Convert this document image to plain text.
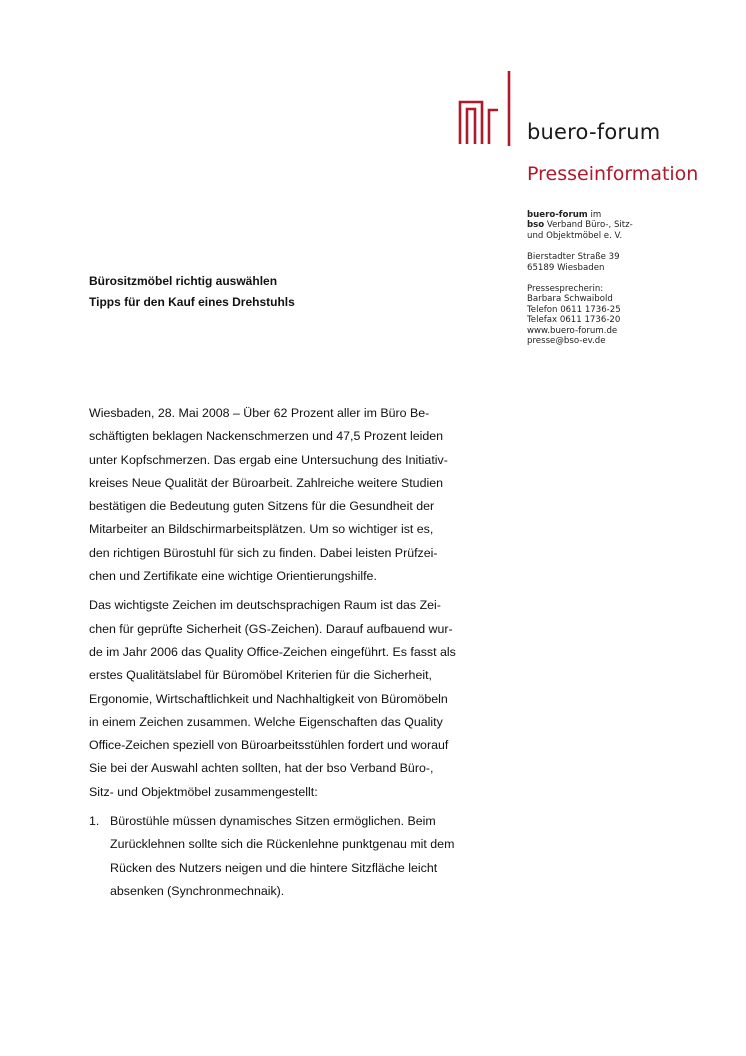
buero-forum
Presseinformation
buero-forum im
bso Verband Büro-, Sitz-
und Objektmöbel e. V.
Bierstadter Straße 39
65189 Wiesbaden
Pressesprecherin:
Barbara Schwaibold
Telefon 0611 1736-25
Telefax 0611 1736-20
www.buero-forum.de
presse@bso-ev.de
Bürositzmöbel richtig auswählen
Tipps für den Kauf eines Drehstuhls
Wiesbaden, 28. Mai 2008 – Über 62 Prozent aller im Büro Be-
schäftigten beklagen Nackenschmerzen und 47,5 Prozent leiden
unter Kopfschmerzen. Das ergab eine Untersuchung des Initiativ-
kreises Neue Qualität der Büroarbeit. Zahlreiche weitere Studien
bestätigen die Bedeutung guten Sitzens für die Gesundheit der
Mitarbeiter an Bildschirmarbeitsplätzen. Um so wichtiger ist es,
den richtigen Bürostuhl für sich zu finden. Dabei leisten Prüfzei-
chen und Zertifikate eine wichtige Orientierungshilfe.
Das wichtigste Zeichen im deutschsprachigen Raum ist das Zei-
chen für geprüfte Sicherheit (GS-Zeichen). Darauf aufbauend wur-
de im Jahr 2006 das Quality Office-Zeichen eingeführt. Es fasst als
erstes Qualitätslabel für Büromöbel Kriterien für die Sicherheit,
Ergonomie, Wirtschaftlichkeit und Nachhaltigkeit von Büromöbeln
in einem Zeichen zusammen. Welche Eigenschaften das Quality
Office-Zeichen speziell von Büroarbeitsstühlen fordert und worauf
Sie bei der Auswahl achten sollten, hat der bso Verband Büro-,
Sitz- und Objektmöbel zusammengestellt:
1. Bürostühle müssen dynamisches Sitzen ermöglichen. Beim
Zurücklehnen sollte sich die Rückenlehne punktgenau mit dem
Rücken des Nutzers neigen und die hintere Sitzfläche leicht
absenken (Synchronmechnaik).
